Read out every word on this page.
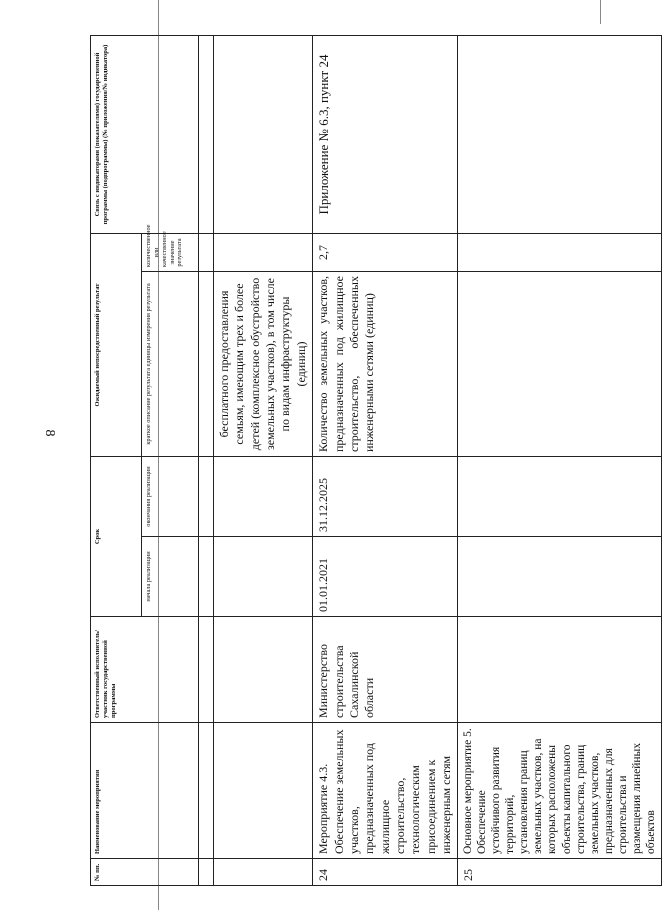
8
№ пп.	Наименование мероприятия	Ответственный исполнитель/участник государственной программы	Срок		Ожидаемый непосредственный результат		Связь с индикаторами (показателями) государственной программы (подпрограммы) (№ приложения/№ индикатора)
			начала реализации	окончания реализации	краткое описание результата единицы измерения результата	количественное или качественное значение результата	

					бесплатного предоставления семьям, имеющим трех и более детей (комплексное обустройство земельных участков), в том числе по видам инфраструктуры (единиц)		
24	Мероприятие 4.3. Обеспечение земельных участков, предназначенных под жилищное строительство, технологическим присоединением к инженерным сетям	Министерство строительства Сахалинской области	01.01.2021	31.12.2025	Количество земельных участков, предназначенных под жилищное строительство, обеспеченных инженерными сетями (единиц)	2,7	Приложение № 6.3, пункт 24
25	Основное мероприятие 5. Обеспечение устойчивого развития территорий, установления границ земельных участков, на которых расположены объекты капитального строительства, границ земельных участков, предназначенных для строительства и размещения линейных объектов						
